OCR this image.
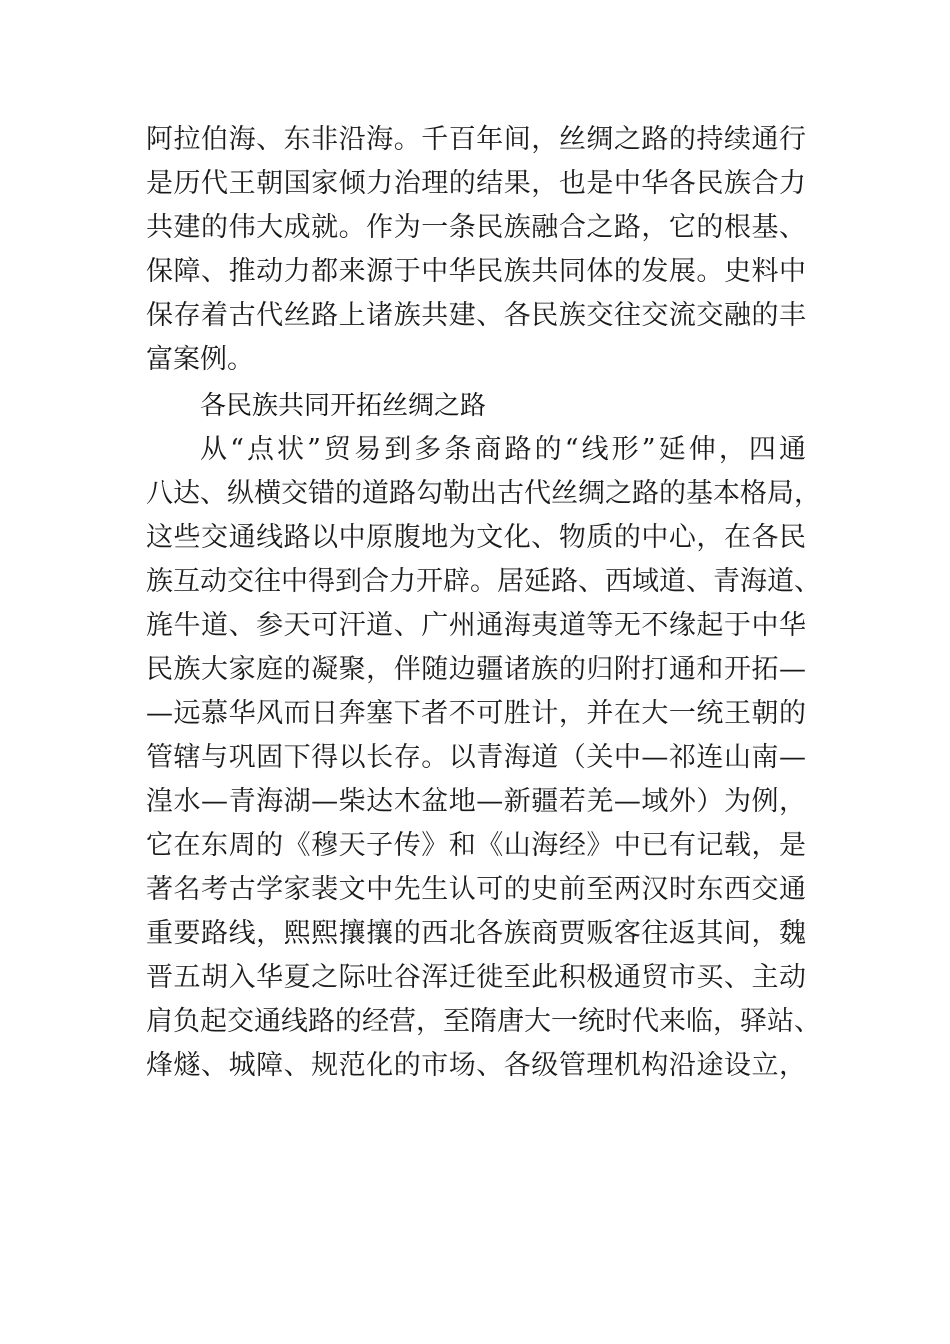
阿拉伯海、东非沿海。千百年间，丝绸之路的持续通行
是历代王朝国家倾力治理的结果，也是中华各民族合力
共建的伟大成就。作为一条民族融合之路，它的根基、
保障、推动力都来源于中华民族共同体的发展。史料中
保存着古代丝路上诸族共建、各民族交往交流交融的丰
富案例。
各民族共同开拓丝绸之路
从“点状”贸易到多条商路的“线形”延伸，四通
八达、纵横交错的道路勾勒出古代丝绸之路的基本格局，
这些交通线路以中原腹地为文化、物质的中心，在各民
族互动交往中得到合力开辟。居延路、西域道、青海道、
旄牛道、参天可汗道、广州通海夷道等无不缘起于中华
民族大家庭的凝聚，伴随边疆诸族的归附打通和开拓—
—远慕华风而日奔塞下者不可胜计，并在大一统王朝的
管辖与巩固下得以长存。以青海道（关中—祁连山南—
湟水—青海湖—柴达木盆地—新疆若羌—域外）为例，
它在东周的《穆天子传》和《山海经》中已有记载，是
著名考古学家裴文中先生认可的史前至两汉时东西交通
重要路线，熙熙攘攘的西北各族商贾贩客往返其间，魏
晋五胡入华夏之际吐谷浑迁徙至此积极通贸市买、主动
肩负起交通线路的经营，至隋唐大一统时代来临，驿站、
烽燧、城障、规范化的市场、各级管理机构沿途设立，
